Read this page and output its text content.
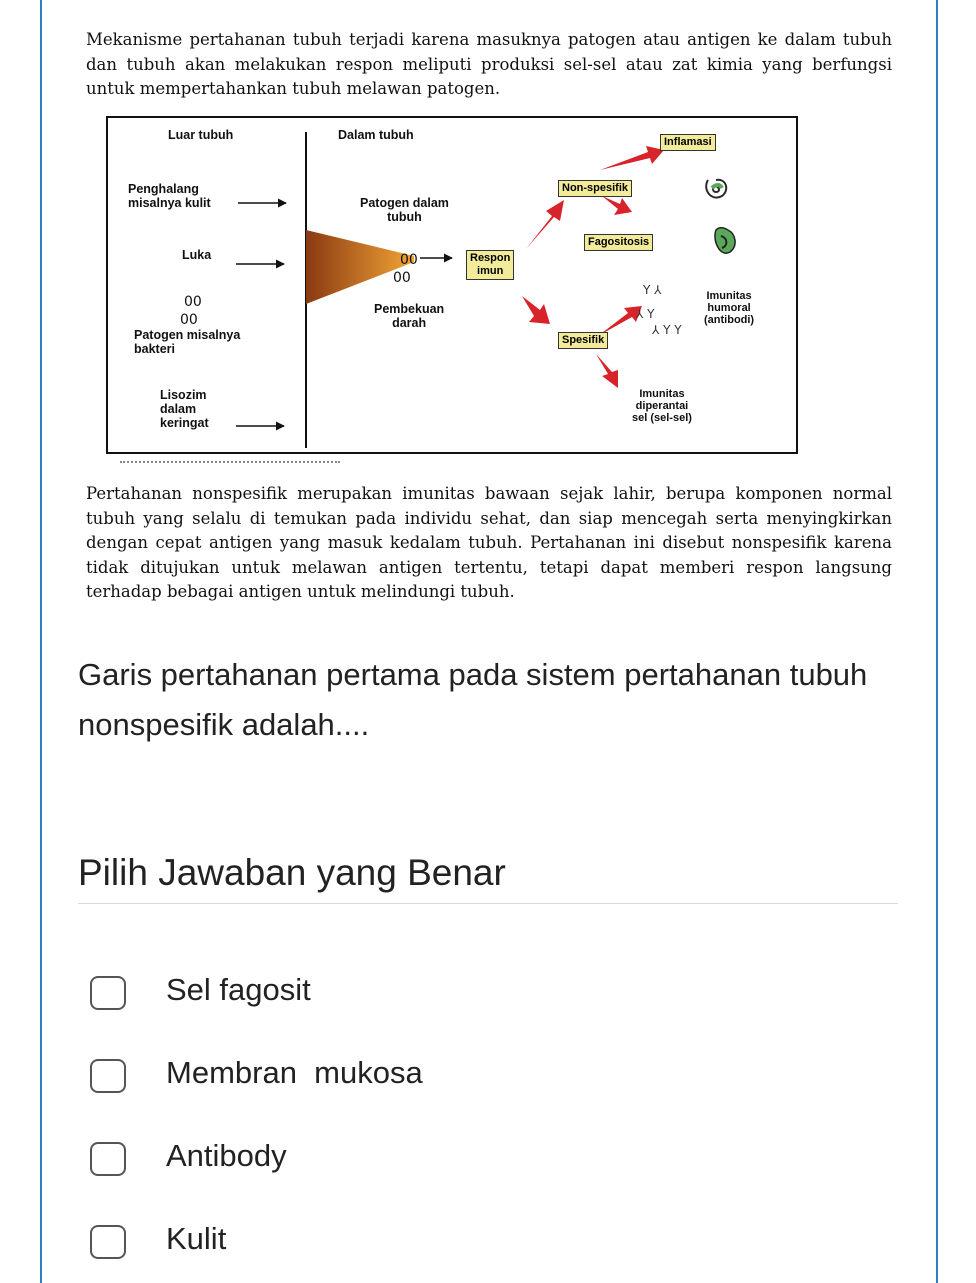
Mekanisme pertahanan tubuh terjadi karena masuknya patogen atau antigen ke dalam tubuh dan tubuh akan melakukan respon meliputi produksi sel-sel atau zat kimia yang berfungsi untuk mempertahankan tubuh melawan patogen.
00
00
00
00
Y ⅄
⅄ Y
⅄ Y Y
Luar tubuh	Dalam tubuh
Penghalang
misalnya kulit
Luka
Patogen misalnya
bakteri
Lisozim
dalam
keringat
Patogen dalam
tubuh
Pembekuan
darah
Respon
imun
Inflamasi
Non-spesifik
Fagositosis
Imunitas
humoral
(antibodi)
Spesifik
Imunitas
diperantai
sel (sel-sel)
Pertahanan nonspesifik merupakan imunitas bawaan sejak lahir, berupa komponen normal tubuh yang selalu di temukan pada individu sehat, dan siap mencegah serta menyingkirkan dengan cepat antigen yang masuk kedalam tubuh. Pertahanan ini disebut nonspesifik karena tidak ditujukan untuk melawan antigen tertentu, tetapi dapat memberi respon langsung terhadap bebagai antigen untuk melindungi tubuh.
Garis pertahanan pertama pada sistem pertahanan tubuh nonspesifik adalah....
Pilih Jawaban yang Benar
Sel fagosit
Membran  mukosa
Antibody
Kulit
